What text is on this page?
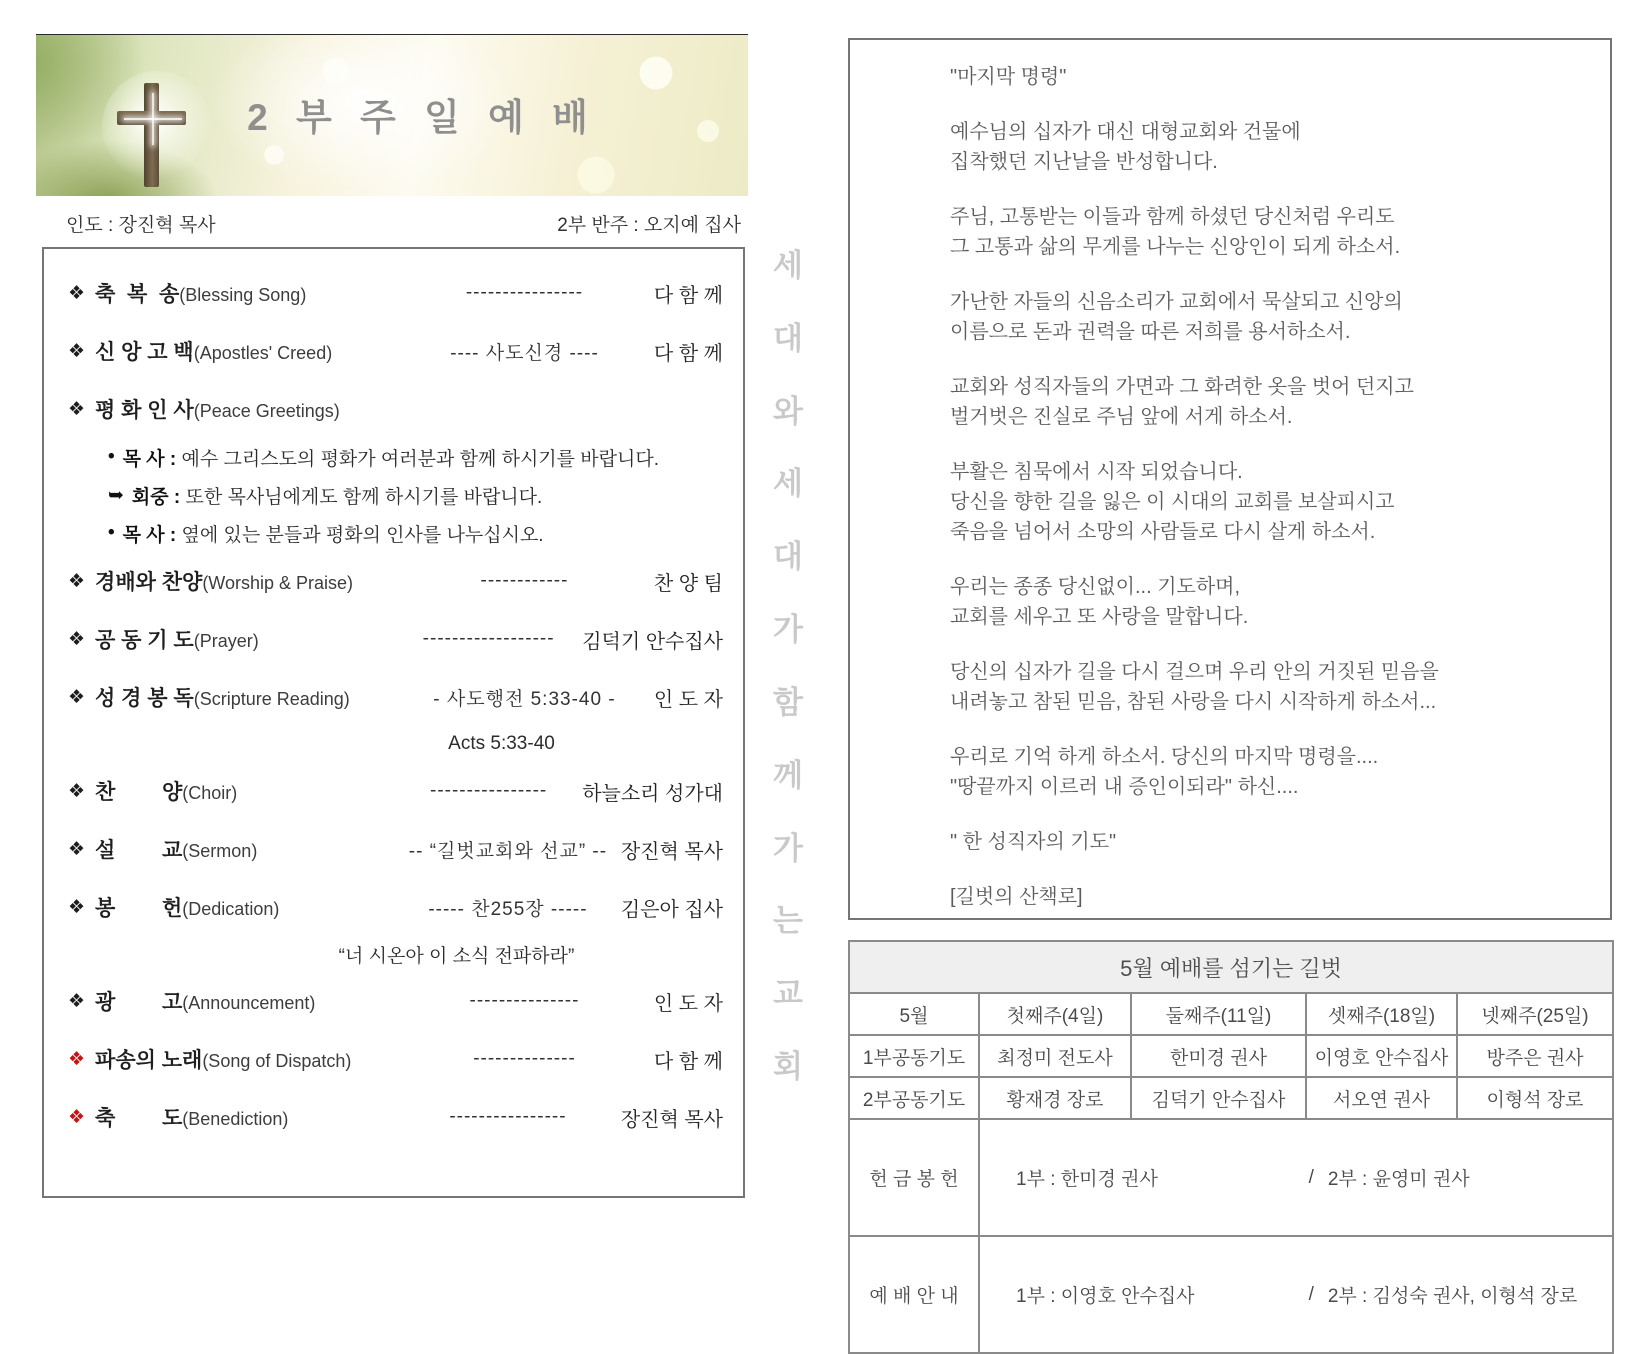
2 부 주 일 예 배
인도 : 장진혁 목사	2부 반주 : 오지예 집사
❖ 축  복  송(Blessing Song)	----------------	다 함 께
❖ 신 앙 고 백(Apostles' Creed)	---- 사도신경 ----	다 함 께
❖ 평 화 인 사(Peace Greetings)
• 목 사 : 예수 그리스도의 평화가 여러분과 함께 하시기를 바랍니다.
➥ 회중 : 또한 목사님에게도 함께 하시기를 바랍니다.
• 목 사 : 옆에 있는 분들과 평화의 인사를 나누십시오.
❖ 경배와 찬양(Worship & Praise)	------------	찬 양 팀
❖ 공 동 기 도(Prayer)	------------------	김덕기 안수집사
❖ 성 경 봉 독(Scripture Reading)	- 사도행전 5:33-40 -	인 도 자
Acts 5:33-40
❖ 찬        양(Choir)	----------------	하늘소리 성가대
❖ 설        교(Sermon)	-- “길벗교회와 선교” -- 장진혁 목사
❖ 봉        헌(Dedication)	----- 찬255장 -----	김은아 집사
“너 시온아 이 소식 전파하라”
❖ 광        고(Announcement)	---------------	인 도 자
❖ 파송의 노래(Song of Dispatch)	--------------	다 함 께
❖ 축        도(Benediction)	----------------	장진혁 목사
세
대
와
세
대
가
함
께
가
는
교
회
"마지막 명령"
예수님의 십자가 대신 대형교회와 건물에
집착했던 지난날을 반성합니다.
주님, 고통받는 이들과 함께 하셨던 당신처럼 우리도
그 고통과 삶의 무게를 나누는 신앙인이 되게 하소서.
가난한 자들의 신음소리가 교회에서 묵살되고 신앙의
이름으로 돈과 권력을 따른 저희를 용서하소서.
교회와 성직자들의 가면과 그 화려한 옷을 벗어 던지고
벌거벗은 진실로 주님 앞에 서게 하소서.
부활은 침묵에서 시작 되었습니다.
당신을 향한 길을 잃은 이 시대의 교회를 보살피시고
죽음을 넘어서 소망의 사람들로 다시 살게 하소서.
우리는 종종 당신없이... 기도하며,
교회를 세우고 또 사랑을 말합니다.
당신의 십자가 길을 다시 걸으며 우리 안의 거짓된 믿음을
내려놓고 참된 믿음, 참된 사랑을 다시 시작하게 하소서...
우리로 기억 하게 하소서. 당신의 마지막 명령을....
"땅끝까지 이르러 내 증인이되라" 하신....
" 한 성직자의 기도"
[길벗의 산책로]
5월 예배를 섬기는 길벗				
5월	첫째주(4일)	둘째주(11일)	셋째주(18일)	넷째주(25일)
1부공동기도	최정미 전도사	한미경 권사	이영호 안수집사	방주은 권사
2부공동기도	황재경 장로	김덕기 안수집사	서오연 권사	이형석 장로
헌 금 봉 헌	1부 : 한미경 권사 / 2부 : 윤영미 권사			

예 배 안 내	1부 : 이영호 안수집사 / 2부 : 김성숙 권사, 이형석 장로			
